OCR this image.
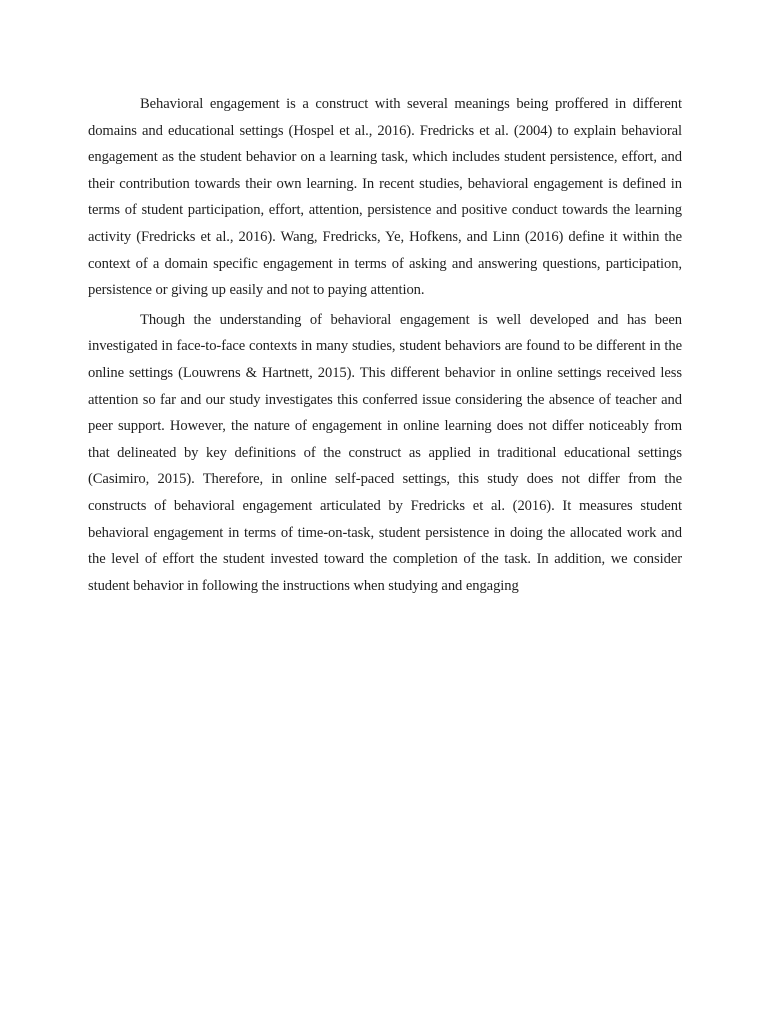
Behavioral engagement is a construct with several meanings being proffered in different domains and educational settings (Hospel et al., 2016). Fredricks et al. (2004) to explain behavioral engagement as the student behavior on a learning task, which includes student persistence, effort, and their contribution towards their own learning. In recent studies, behavioral engagement is defined in terms of student participation, effort, attention, persistence and positive conduct towards the learning activity (Fredricks et al., 2016). Wang, Fredricks, Ye, Hofkens, and Linn (2016) define it within the context of a domain specific engagement in terms of asking and answering questions, participation, persistence or giving up easily and not to paying attention.

Though the understanding of behavioral engagement is well developed and has been investigated in face-to-face contexts in many studies, student behaviors are found to be different in the online settings (Louwrens & Hartnett, 2015). This different behavior in online settings received less attention so far and our study investigates this conferred issue considering the absence of teacher and peer support. However, the nature of engagement in online learning does not differ noticeably from that delineated by key definitions of the construct as applied in traditional educational settings (Casimiro, 2015). Therefore, in online self-paced settings, this study does not differ from the constructs of behavioral engagement articulated by Fredricks et al. (2016). It measures student behavioral engagement in terms of time-on-task, student persistence in doing the allocated work and the level of effort the student invested toward the completion of the task. In addition, we consider student behavior in following the instructions when studying and engaging
